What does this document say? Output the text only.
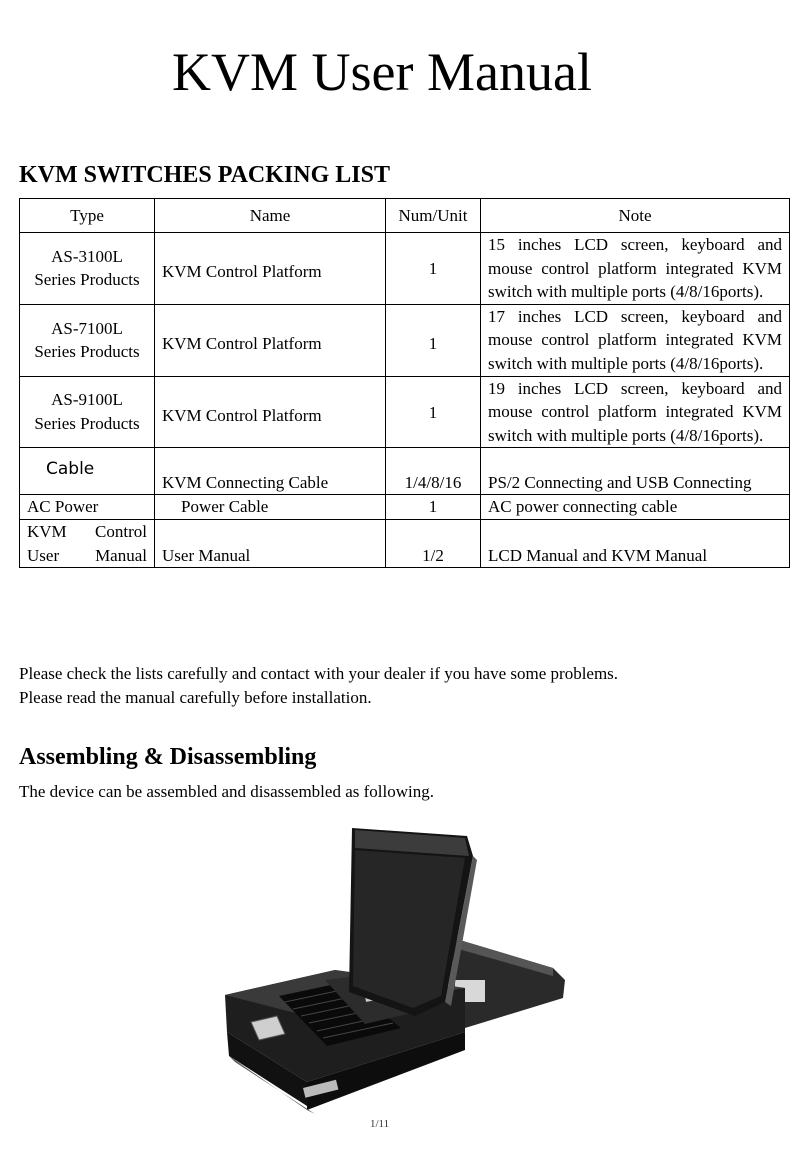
KVM User Manual
KVM SWITCHES PACKING LIST
Type	Name	Num/Unit	Note

AS-3100L
Series Products	KVM Control Platform	1	15 inches LCD screen, keyboard and mouse control platform integrated KVM switch with multiple ports (4/8/16ports).

AS-7100L
Series Products	KVM Control Platform	1	17 inches LCD screen, keyboard and mouse control platform integrated KVM switch with multiple ports (4/8/16ports).

AS-9100L
Series Products	KVM Control Platform	1	19 inches LCD screen, keyboard and mouse control platform integrated KVM switch with multiple ports (4/8/16ports).
Cable	KVM Connecting Cable	1/4/8/16	PS/2 Connecting and USB Connecting
AC Power	Power Cable	1	AC power connecting cable

KVM Control
User Manual	User Manual	1/2	LCD Manual and KVM Manual
Please check the lists carefully and contact with your dealer if you have some problems.
Please read the manual carefully before installation.
Assembling & Disassembling
The device can be assembled and disassembled as following.
1/11
